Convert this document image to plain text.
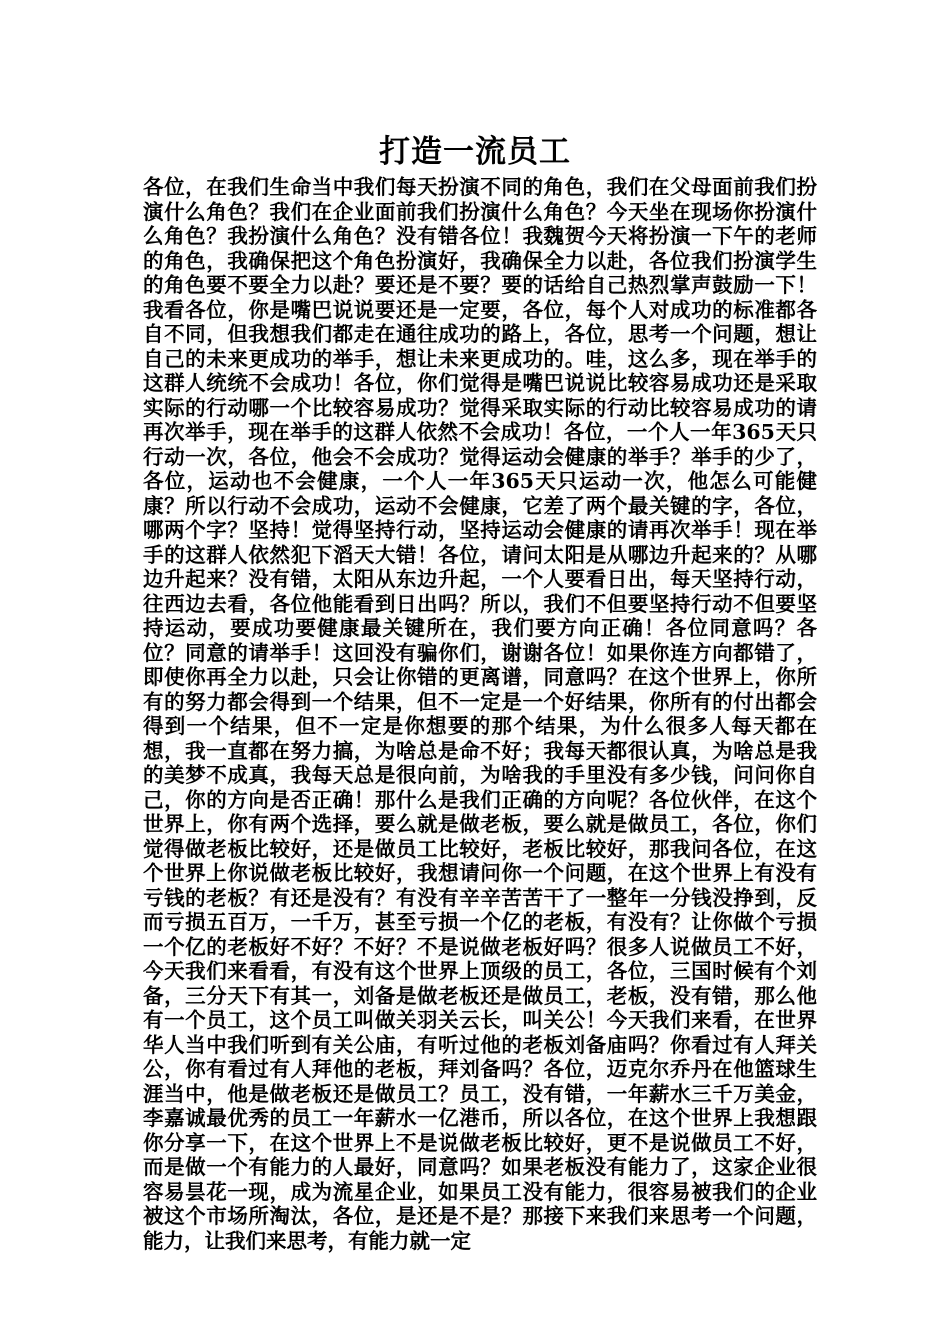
打造一流员工
各位，在我们生命当中我们每天扮演不同的角色，我们在父母面前我们扮演什么角色？我们在企业面前我们扮演什么角色？今天坐在现场你扮演什么角色？我扮演什么角色？没有错各位！我魏贺今天将扮演一下午的老师的角色，我确保把这个角色扮演好，我确保全力以赴，各位我们扮演学生的角色要不要全力以赴？要还是不要？要的话给自己热烈掌声鼓励一下！我看各位，你是嘴巴说说要还是一定要，各位，每个人对成功的标准都各自不同，但我想我们都走在通往成功的路上，各位，思考一个问题，想让自己的未来更成功的举手，想让未来更成功的。哇，这么多，现在举手的这群人统统不会成功！各位，你们觉得是嘴巴说说比较容易成功还是采取实际的行动哪一个比较容易成功？觉得采取实际的行动比较容易成功的请再次举手，现在举手的这群人依然不会成功！各位，一个人一年365天只行动一次，各位，他会不会成功？觉得运动会健康的举手？举手的少了，各位，运动也不会健康，一个人一年365天只运动一次，他怎么可能健康？所以行动不会成功，运动不会健康，它差了两个最关键的字，各位，哪两个字？坚持！觉得坚持行动，坚持运动会健康的请再次举手！现在举手的这群人依然犯下滔天大错！各位，请问太阳是从哪边升起来的？从哪边升起来？没有错，太阳从东边升起，一个人要看日出，每天坚持行动，往西边去看，各位他能看到日出吗？所以，我们不但要坚持行动不但要坚持运动，要成功要健康最关键所在，我们要方向正确！各位同意吗？各位？同意的请举手！这回没有骗你们，谢谢各位！如果你连方向都错了，即使你再全力以赴，只会让你错的更离谱，同意吗？在这个世界上，你所有的努力都会得到一个结果，但不一定是一个好结果，你所有的付出都会得到一个结果，但不一定是你想要的那个结果，为什么很多人每天都在想，我一直都在努力搞，为啥总是命不好；我每天都很认真，为啥总是我的美梦不成真，我每天总是很向前，为啥我的手里没有多少钱，问问你自己，你的方向是否正确！那什么是我们正确的方向呢？各位伙伴，在这个世界上，你有两个选择，要么就是做老板，要么就是做员工，各位，你们觉得做老板比较好，还是做员工比较好，老板比较好，那我问各位，在这个世界上你说做老板比较好，我想请问你一个问题，在这个世界上有没有亏钱的老板？有还是没有？有没有辛辛苦苦干了一整年一分钱没挣到，反而亏损五百万，一千万，甚至亏损一个亿的老板，有没有？让你做个亏损一个亿的老板好不好？不好？不是说做老板好吗？很多人说做员工不好，今天我们来看看，有没有这个世界上顶级的员工，各位，三国时候有个刘备，三分天下有其一，刘备是做老板还是做员工，老板，没有错，那么他有一个员工，这个员工叫做关羽关云长，叫关公！今天我们来看，在世界华人当中我们听到有关公庙，有听过他的老板刘备庙吗？你看过有人拜关公，你有看过有人拜他的老板，拜刘备吗？各位，迈克尔乔丹在他篮球生涯当中，他是做老板还是做员工？员工，没有错，一年薪水三千万美金，李嘉诚最优秀的员工一年薪水一亿港币，所以各位，在这个世界上我想跟你分享一下，在这个世界上不是说做老板比较好，更不是说做员工不好，而是做一个有能力的人最好，同意吗？如果老板没有能力了，这家企业很容易昙花一现，成为流星企业，如果员工没有能力，很容易被我们的企业被这个市场所淘汰，各位，是还是不是？那接下来我们来思考一个问题，能力，让我们来思考，有能力就一定
